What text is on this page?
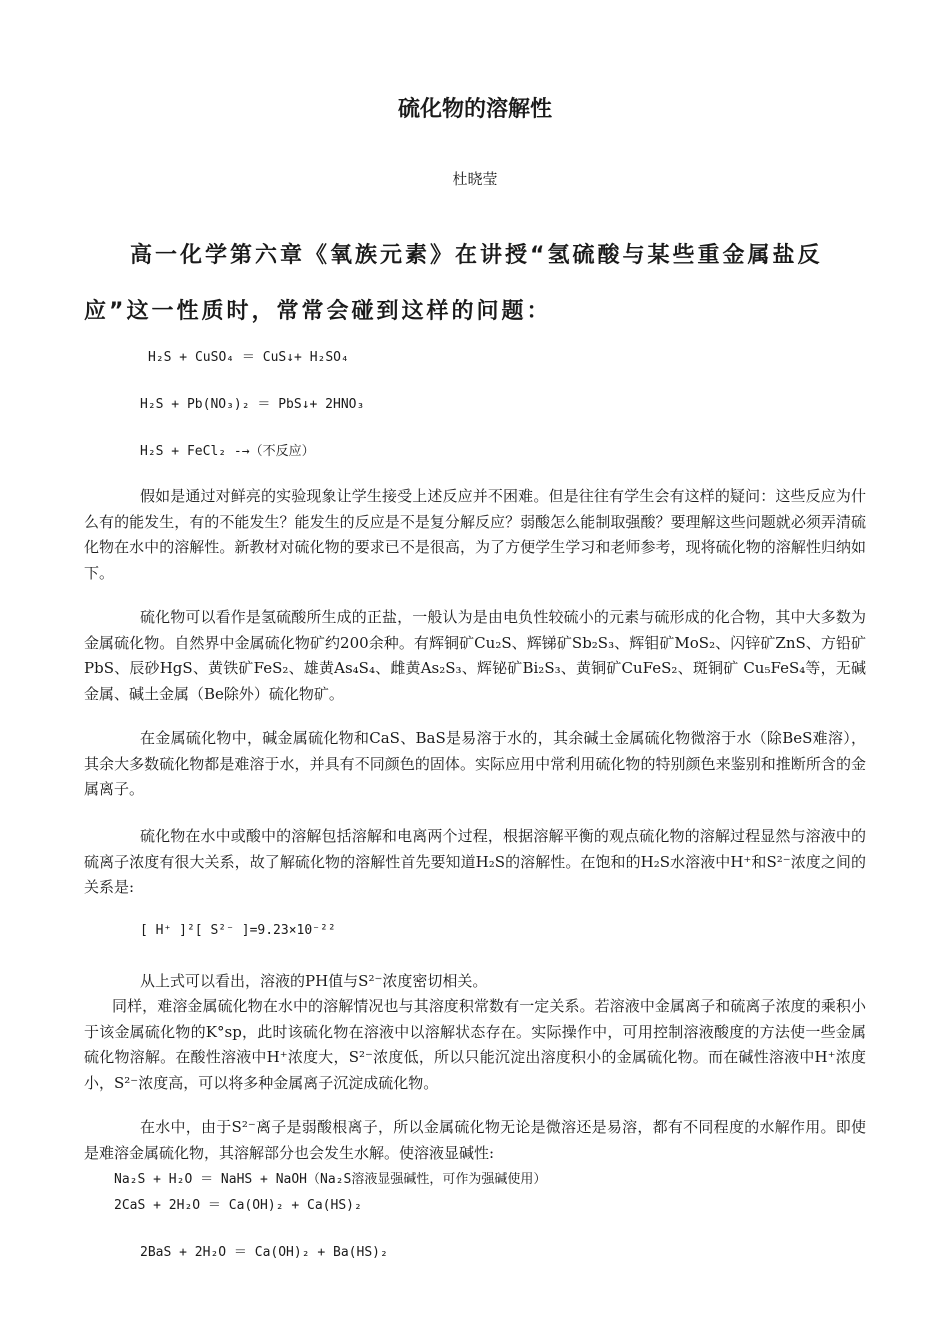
硫化物的溶解性
杜晓莹
高一化学第六章《氧族元素》在讲授“氢硫酸与某些重金属盐反应”这一性质时，常常会碰到这样的问题：
H₂S + CuSO₄ ＝ CuS↓+ H₂SO₄
H₂S + Pb(NO₃)₂ ＝ PbS↓+ 2HNO₃
H₂S + FeCl₂ -→（不反应）
假如是通过对鲜亮的实验现象让学生接受上述反应并不困难。但是往往有学生会有这样的疑问：这些反应为什么有的能发生，有的不能发生？能发生的反应是不是复分解反应？弱酸怎么能制取强酸？要理解这些问题就必须弄清硫化物在水中的溶解性。新教材对硫化物的要求已不是很高，为了方便学生学习和老师参考，现将硫化物的溶解性归纳如下。
硫化物可以看作是氢硫酸所生成的正盐，一般认为是由电负性较硫小的元素与硫形成的化合物，其中大多数为金属硫化物。自然界中金属硫化物矿约200余种。有辉铜矿Cu₂S、辉锑矿Sb₂S₃、辉钼矿MoS₂、闪锌矿ZnS、方铅矿PbS、辰砂HgS、黄铁矿FeS₂、雄黄As₄S₄、雌黄As₂S₃、辉铋矿Bi₂S₃、黄铜矿CuFeS₂、斑铜矿 Cu₅FeS₄等，无碱金属、碱土金属（Be除外）硫化物矿。
在金属硫化物中，碱金属硫化物和CaS、BaS是易溶于水的，其余碱土金属硫化物微溶于水（除BeS难溶），其余大多数硫化物都是难溶于水，并具有不同颜色的固体。实际应用中常利用硫化物的特别颜色来鉴别和推断所含的金属离子。
硫化物在水中或酸中的溶解包括溶解和电离两个过程，根据溶解平衡的观点硫化物的溶解过程显然与溶液中的硫离子浓度有很大关系，故了解硫化物的溶解性首先要知道H₂S的溶解性。在饱和的H₂S水溶液中H⁺和S²⁻浓度之间的关系是:
[ H⁺ ]²[ S²⁻ ]=9.23×10⁻²²
从上式可以看出，溶液的PH值与S²⁻浓度密切相关。
同样，难溶金属硫化物在水中的溶解情况也与其溶度积常数有一定关系。若溶液中金属离子和硫离子浓度的乘积小于该金属硫化物的K°sp，此时该硫化物在溶液中以溶解状态存在。实际操作中，可用控制溶液酸度的方法使一些金属硫化物溶解。在酸性溶液中H⁺浓度大，S²⁻浓度低，所以只能沉淀出溶度积小的金属硫化物。而在碱性溶液中H⁺浓度小，S²⁻浓度高，可以将多种金属离子沉淀成硫化物。
在水中，由于S²⁻离子是弱酸根离子，所以金属硫化物无论是微溶还是易溶，都有不同程度的水解作用。即使是难溶金属硫化物，其溶解部分也会发生水解。使溶液显碱性:
Na₂S + H₂O ＝ NaHS + NaOH（Na₂S溶液显强碱性，可作为强碱使用）
2CaS + 2H₂O ＝ Ca(OH)₂ + Ca(HS)₂
2BaS + 2H₂O ＝ Ca(OH)₂ + Ba(HS)₂
